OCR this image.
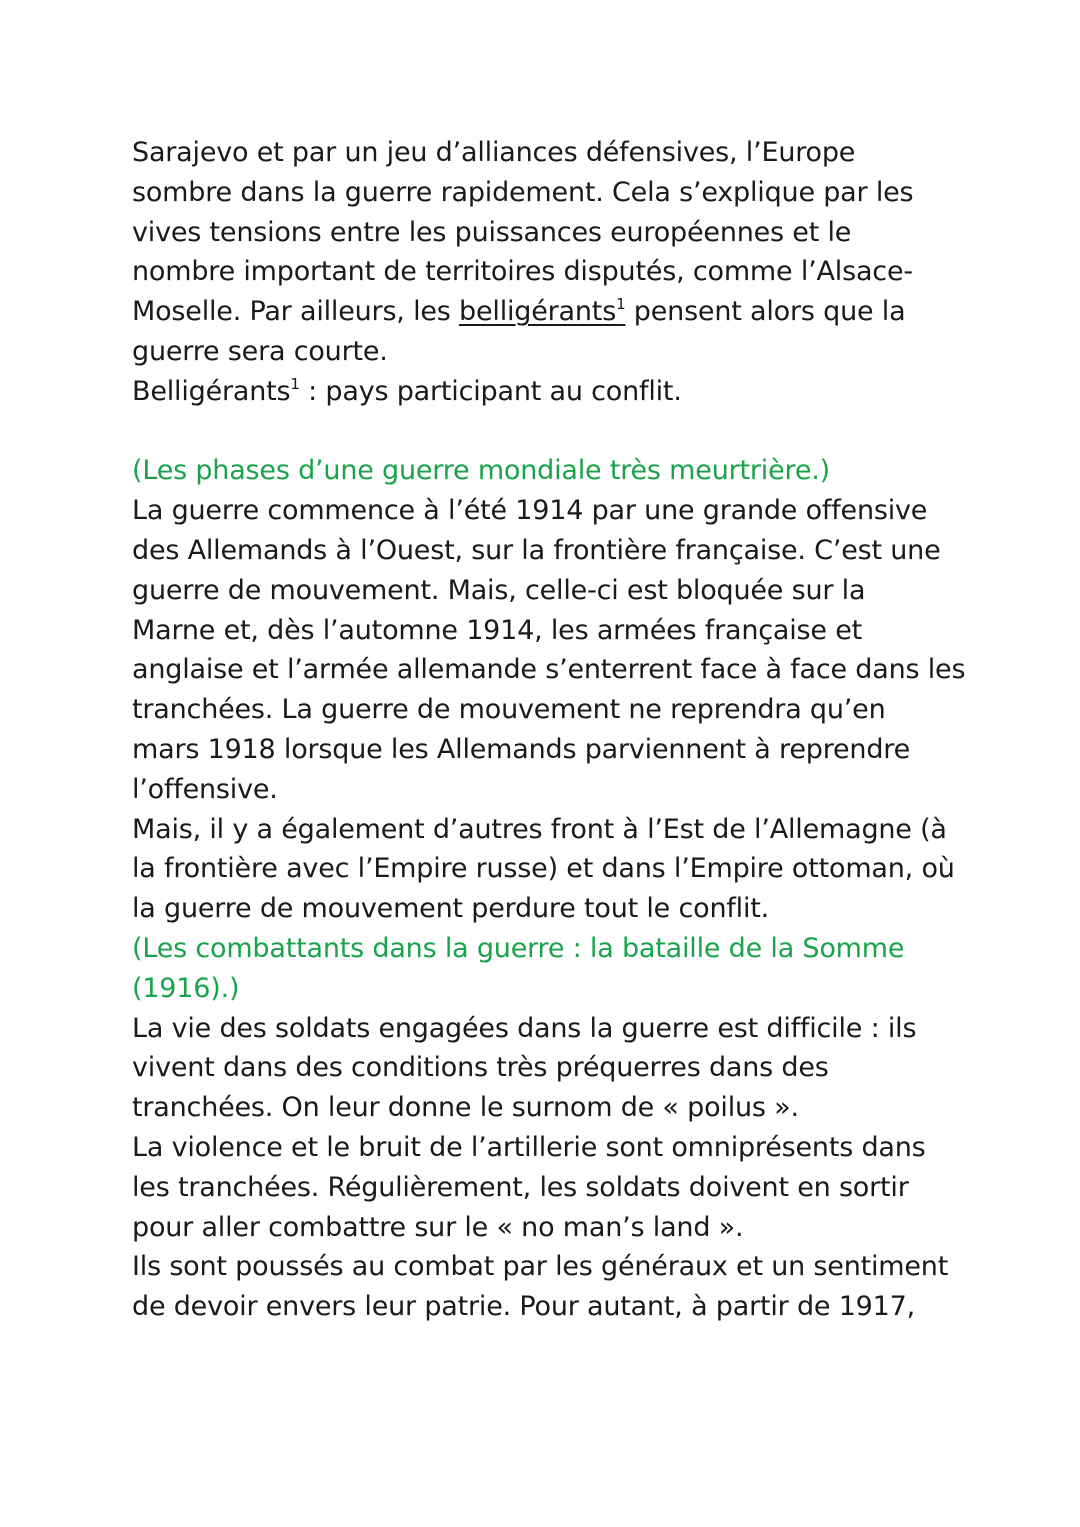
Sarajevo et par un jeu d’alliances défensives, l’Europe
sombre dans la guerre rapidement. Cela s’explique par les
vives tensions entre les puissances européennes et le
nombre important de territoires disputés, comme l’Alsace-
Moselle. Par ailleurs, les belligérants$^1$ pensent alors que la
guerre sera courte.
Belligérants$^1$ : pays participant au conflit.
(Les phases d’une guerre mondiale très meurtrière.)
La guerre commence à l’été 1914 par une grande offensive
des Allemands à l’Ouest, sur la frontière française. C’est une
guerre de mouvement. Mais, celle-ci est bloquée sur la
Marne et, dès l’automne 1914, les armées française et
anglaise et l’armée allemande s’enterrent face à face dans les
tranchées. La guerre de mouvement ne reprendra qu’en
mars 1918 lorsque les Allemands parviennent à reprendre
l’offensive.
Mais, il y a également d’autres front à l’Est de l’Allemagne (à
la frontière avec l’Empire russe) et dans l’Empire ottoman, où
la guerre de mouvement perdure tout le conflit.
(Les combattants dans la guerre : la bataille de la Somme
(1916).)
La vie des soldats engagées dans la guerre est difficile : ils
vivent dans des conditions très préquerres dans des
tranchées. On leur donne le surnom de « poilus ».
La violence et le bruit de l’artillerie sont omniprésents dans
les tranchées. Régulièrement, les soldats doivent en sortir
pour aller combattre sur le « no man’s land ».
Ils sont poussés au combat par les généraux et un sentiment
de devoir envers leur patrie. Pour autant, à partir de 1917,
